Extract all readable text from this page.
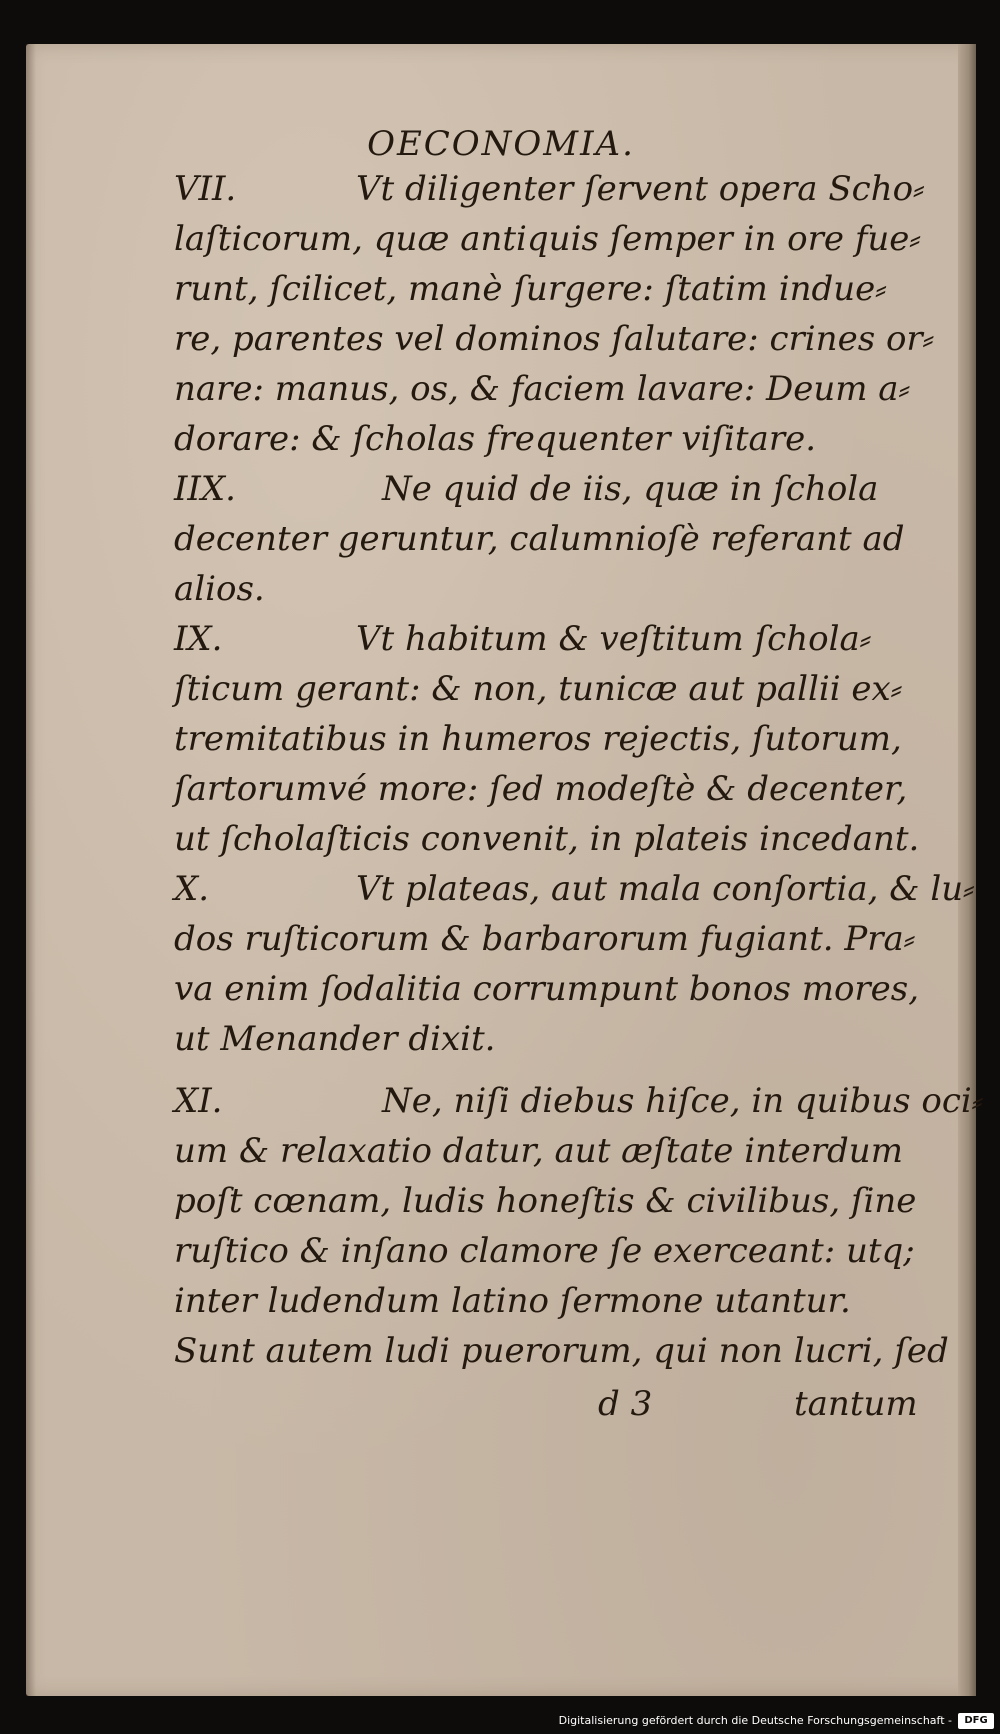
OECONOMIA.
VII.	Vt diligenter ſervent opera Scho⸗
laſticorum, quæ antiquis ſemper in ore fue⸗
runt, ſcilicet, manè ſurgere: ſtatim indue⸗
re, parentes vel dominos ſalutare: crines or⸗
nare: manus, os, & faciem lavare: Deum a⸗
dorare: & ſcholas frequenter viſitare.
IIX.	Ne quid de iis, quæ in ſchola
decenter geruntur, calumnioſè referant ad
alios.
IX.	Vt habitum & veſtitum ſchola⸗
ſticum gerant: & non, tunicæ aut pallii ex⸗
tremitatibus in humeros rejectis, ſutorum,
ſartorumvé more: ſed modeſtè & decenter,
ut ſcholaſticis convenit, in plateis incedant.
X.	Vt plateas, aut mala conſortia, & lu⸗
dos ruſticorum & barbarorum fugiant. Pra⸗
va enim ſodalitia corrumpunt bonos mores,
ut Menander dixit.
XI.	Ne, niſi diebus hiſce, in quibus oci⸗
um & relaxatio datur, aut æſtate interdum
poſt cœnam, ludis honeſtis & civilibus, ſine
ruſtico & inſano clamore ſe exerceant: utq;
inter ludendum latino ſermone utantur.
Sunt autem ludi puerorum, qui non lucri, ſed
d 3	tantum
Digitalisierung gefördert durch die Deutsche Forschungsgemeinschaft -	DFG
